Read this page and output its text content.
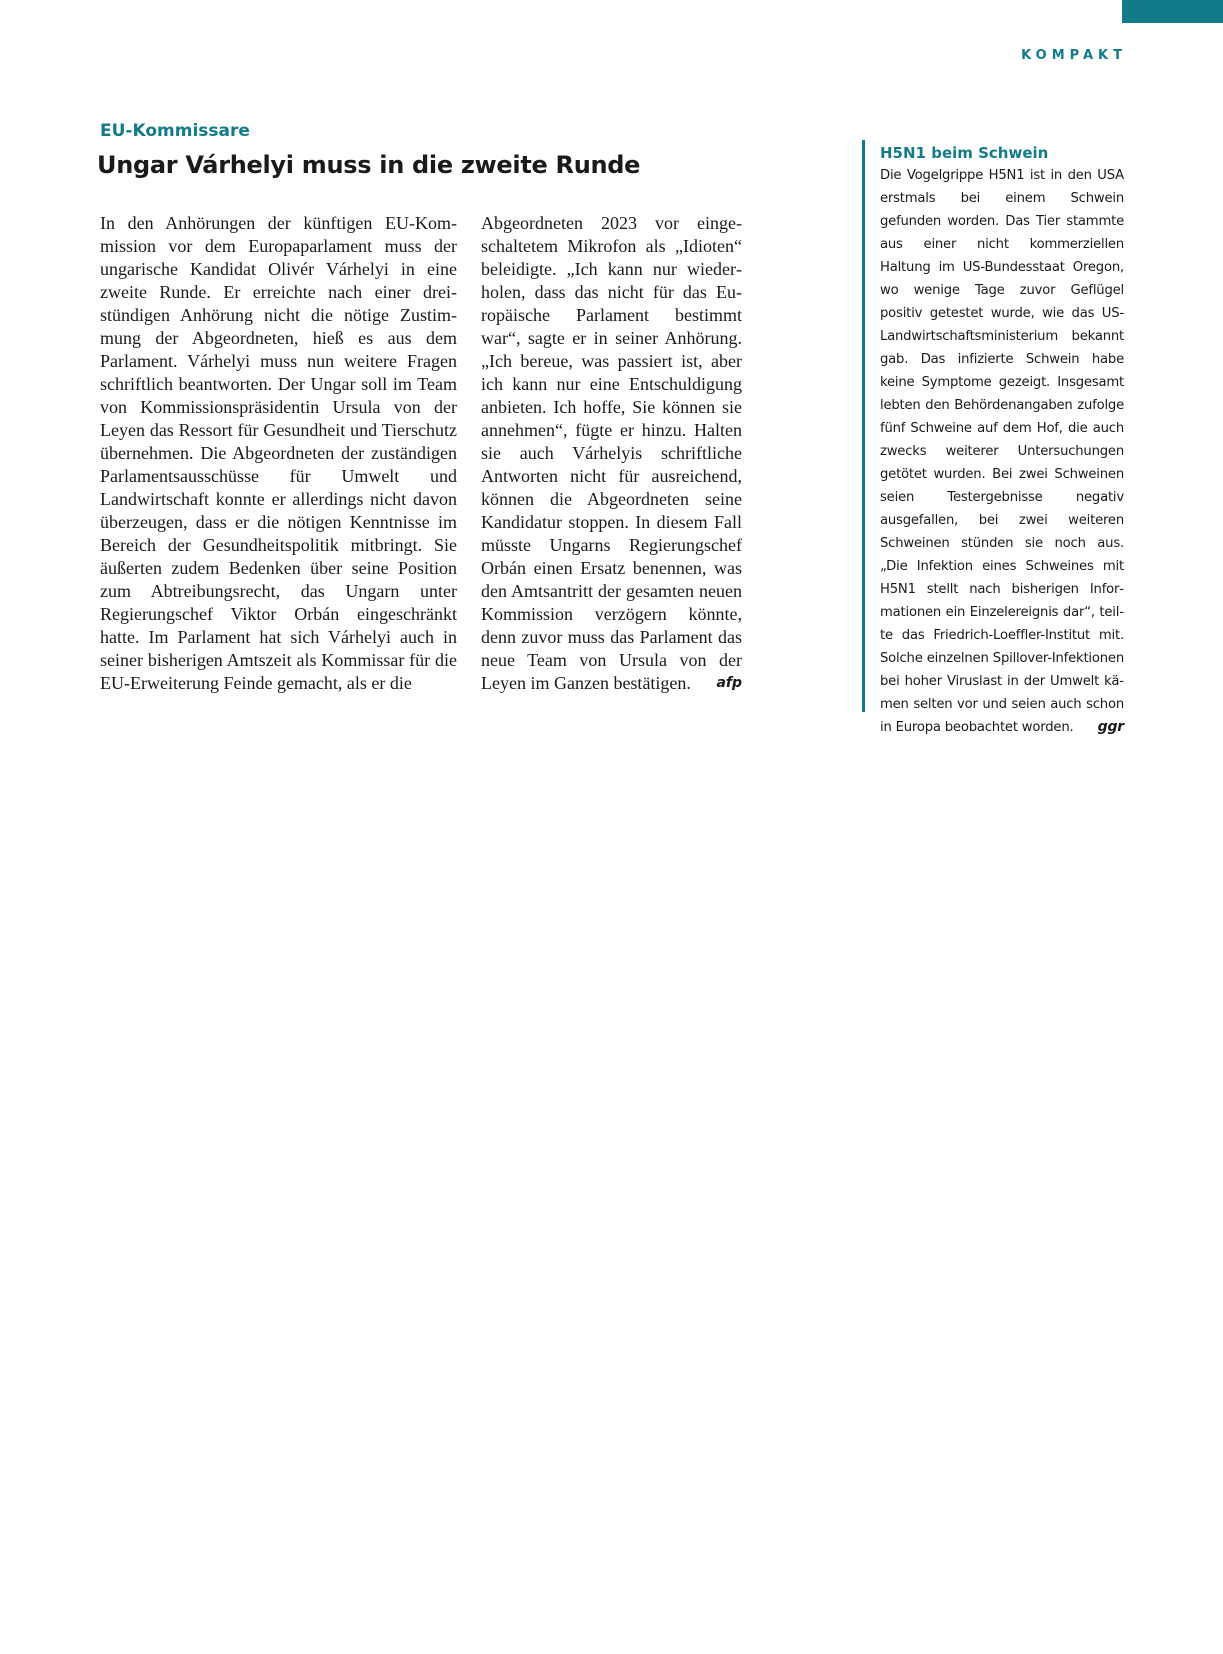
KOMPAKT
EU-Kommissare
Ungar Várhelyi muss in die zweite Runde

In den Anhörungen der künftigen EU-Kommission vor dem Europaparlament muss der ungarische Kandidat Olivér Várhelyi in eine zweite Runde. Er erreichte nach einer dreistündigen Anhörung nicht die nötige Zustimmung der Abgeordneten, hieß es aus dem Parlament. Várhelyi muss nun weitere Fragen schriftlich beantworten. Der Ungar soll im Team von Kommissionspräsidentin Ursula von der Leyen das Ressort für Gesundheit und Tierschutz übernehmen. Die Abgeordneten der zuständigen Parlamentsausschüsse für Umwelt und Landwirtschaft konnte er allerdings nicht davon überzeugen, dass er die nötigen Kenntnisse im Bereich der Gesundheitspolitik mitbringt. Sie äußerten zudem Bedenken über seine Position zum Abtreibungsrecht, das Ungarn unter Regierungschef Viktor Orbán eingeschränkt hatte. Im Parlament hat sich Várhelyi auch in seiner bisherigen Amtszeit als Kommissar für die EU-Erweiterung Feinde gemacht, als er die

Abgeordneten 2023 vor eingeschaltetem Mikrofon als „Idioten“ beleidigte. „Ich kann nur wiederholen, dass das nicht für das Europäische Parlament bestimmt war“, sagte er in seiner Anhörung. „Ich bereue, was passiert ist, aber ich kann nur eine Entschuldigung anbieten. Ich hoffe, Sie können sie annehmen“, fügte er hinzu. Halten sie auch Várhelyis schriftliche Antworten nicht für ausreichend, können die Abgeordneten seine Kandidatur stoppen. In diesem Fall müsste Ungarns Regierungschef Orbán einen Ersatz benennen, was den Amtsantritt der gesamten neuen Kommission verzögern könnte, denn zuvor muss das Parlament das neue Team von Ursula von der Leyen im Ganzen bestätigen. afp

H5N1 beim Schwein

Die Vogelgrippe H5N1 ist in den USA erstmals bei einem Schwein gefunden worden. Das Tier stammte aus einer nicht kommerziellen Haltung im US-Bundesstaat Oregon, wo wenige Tage zuvor Geflügel positiv getestet wurde, wie das US-Landwirtschaftsministerium bekannt gab. Das infizierte Schwein habe keine Symptome gezeigt. Insgesamt lebten den Behördenangaben zufolge fünf Schweine auf dem Hof, die auch zwecks weiterer Untersuchungen getötet wurden. Bei zwei Schweinen seien Testergebnisse negativ ausgefallen, bei zwei weiteren Schweinen stünden sie noch aus. „Die Infektion eines Schweines mit H5N1 stellt nach bisherigen Informationen ein Einzelereignis dar“, teilte das Friedrich-Loeffler-Institut mit. Solche einzelnen Spillover-Infektionen bei hoher Viruslast in der Umwelt kämen selten vor und seien auch schon in Europa beobachtet worden. ggr
